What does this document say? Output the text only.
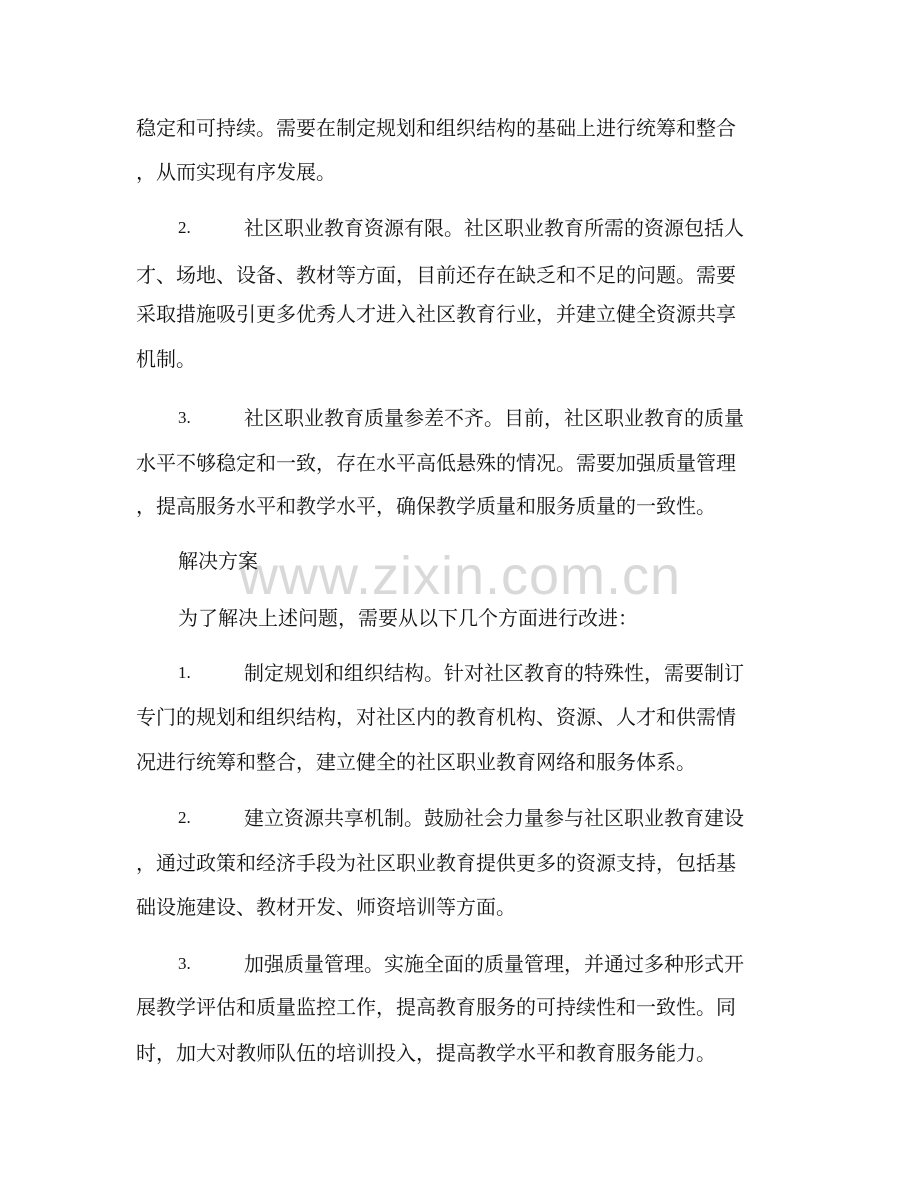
www.zixin.com.cn
稳定和可持续。需要在制定规划和组织结构的基础上进行统筹和整合
，从而实现有序发展。
2.	社区职业教育资源有限。社区职业教育所需的资源包括人
才、场地、设备、教材等方面，目前还存在缺乏和不足的问题。需要
采取措施吸引更多优秀人才进入社区教育行业，并建立健全资源共享
机制。
3.	社区职业教育质量参差不齐。目前，社区职业教育的质量
水平不够稳定和一致，存在水平高低悬殊的情况。需要加强质量管理
，提高服务水平和教学水平，确保教学质量和服务质量的一致性。
解决方案
为了解决上述问题，需要从以下几个方面进行改进：
1.	制定规划和组织结构。针对社区教育的特殊性，需要制订
专门的规划和组织结构，对社区内的教育机构、资源、人才和供需情
况进行统筹和整合，建立健全的社区职业教育网络和服务体系。
2.	建立资源共享机制。鼓励社会力量参与社区职业教育建设
，通过政策和经济手段为社区职业教育提供更多的资源支持，包括基
础设施建设、教材开发、师资培训等方面。
3.	加强质量管理。实施全面的质量管理，并通过多种形式开
展教学评估和质量监控工作，提高教育服务的可持续性和一致性。同
时，加大对教师队伍的培训投入，提高教学水平和教育服务能力。
